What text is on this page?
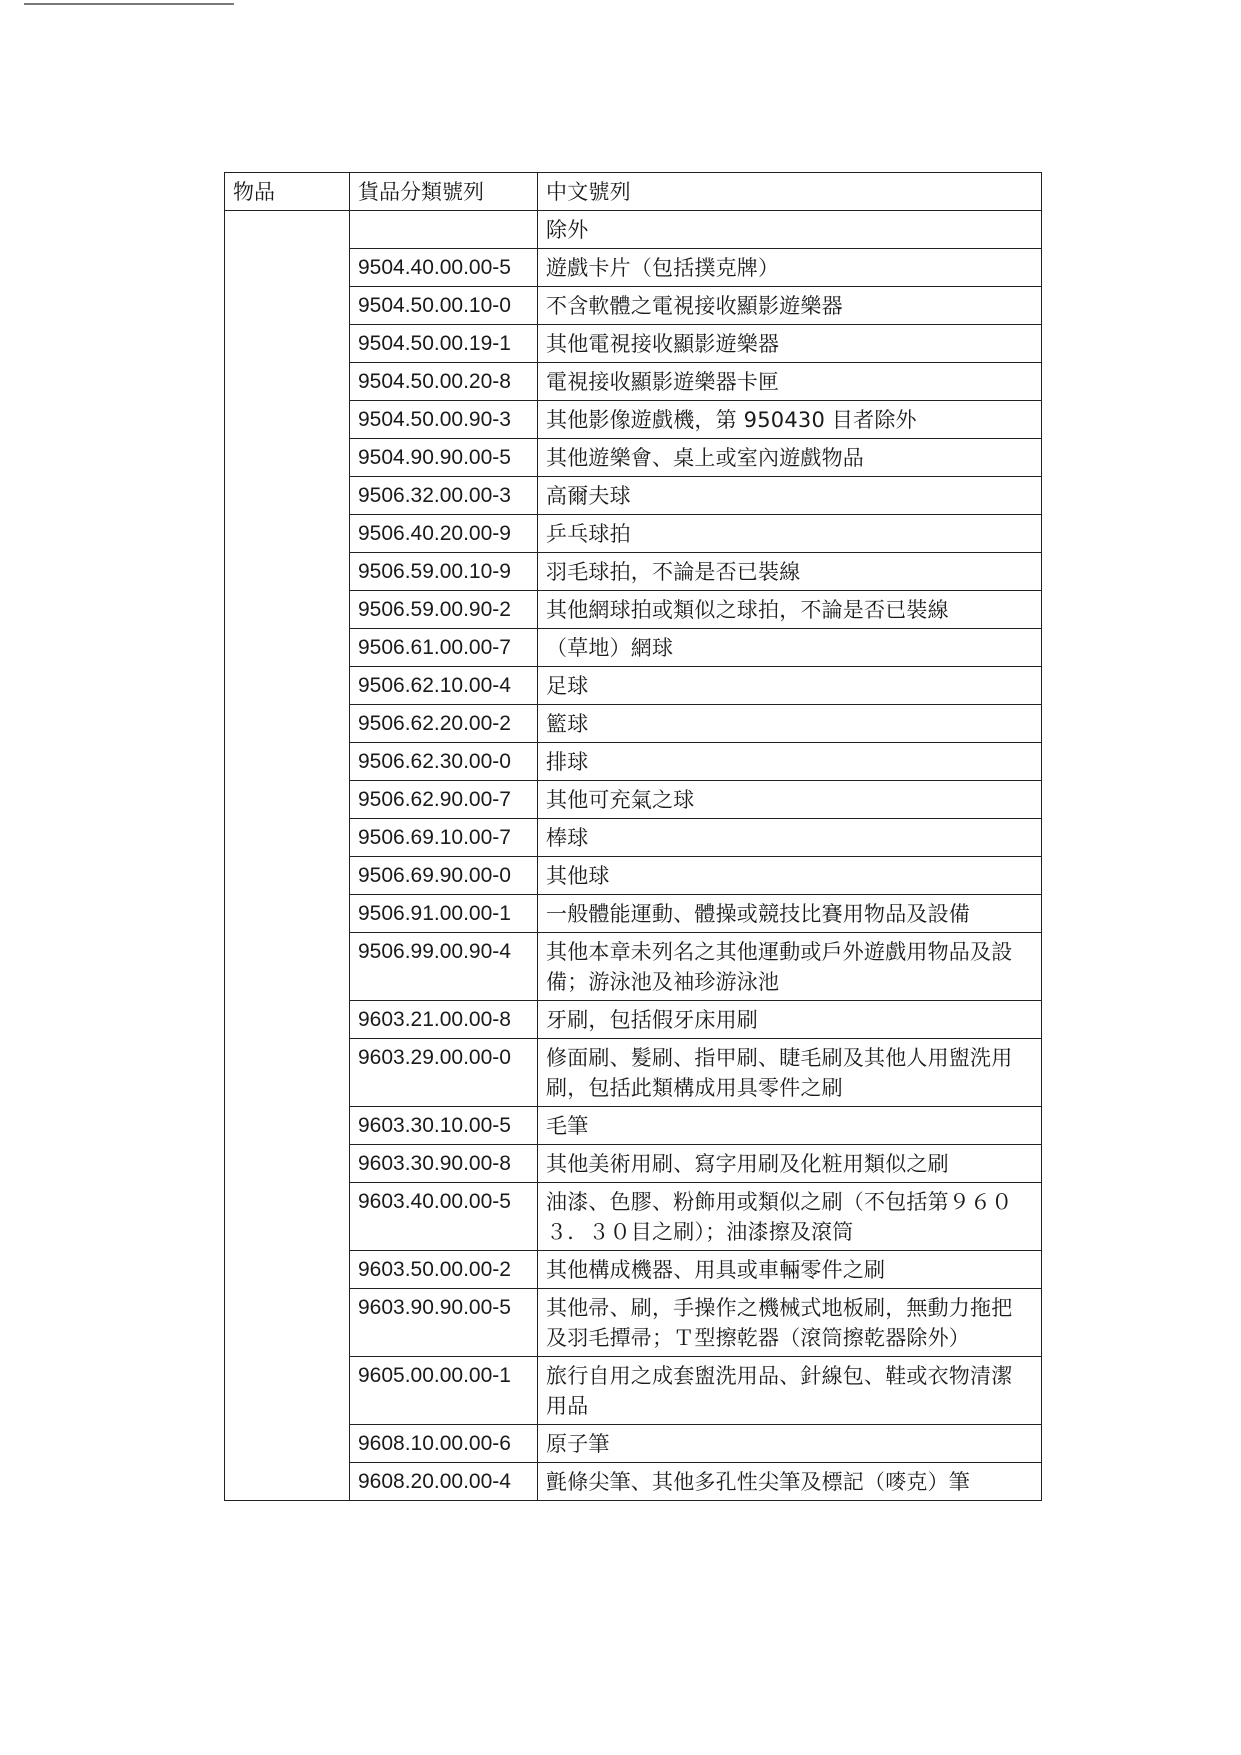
物品	貨品分類號列	中文號列
		除外
	9504.40.00.00-5	遊戲卡片（包括撲克牌）
	9504.50.00.10-0	不含軟體之電視接收顯影遊樂器
	9504.50.00.19-1	其他電視接收顯影遊樂器
	9504.50.00.20-8	電視接收顯影遊樂器卡匣
	9504.50.00.90-3	其他影像遊戲機，第 950430 目者除外
	9504.90.90.00-5	其他遊樂會、桌上或室內遊戲物品
	9506.32.00.00-3	高爾夫球
	9506.40.20.00-9	乒乓球拍
	9506.59.00.10-9	羽毛球拍，不論是否已裝線
	9506.59.00.90-2	其他網球拍或類似之球拍，不論是否已裝線
	9506.61.00.00-7	（草地）網球
	9506.62.10.00-4	足球
	9506.62.20.00-2	籃球
	9506.62.30.00-0	排球
	9506.62.90.00-7	其他可充氣之球
	9506.69.10.00-7	棒球
	9506.69.90.00-0	其他球
	9506.91.00.00-1	一般體能運動、體操或競技比賽用物品及設備
	9506.99.00.90-4	其他本章未列名之其他運動或戶外遊戲用物品及設備；游泳池及袖珍游泳池
	9603.21.00.00-8	牙刷，包括假牙床用刷
	9603.29.00.00-0	修面刷、髮刷、指甲刷、睫毛刷及其他人用盥洗用刷，包括此類構成用具零件之刷
	9603.30.10.00-5	毛筆
	9603.30.90.00-8	其他美術用刷、寫字用刷及化粧用類似之刷
	9603.40.00.00-5	油漆、色膠、粉飾用或類似之刷（不包括第９６０３．３０目之刷）；油漆擦及滾筒
	9603.50.00.00-2	其他構成機器、用具或車輛零件之刷
	9603.90.90.00-5	其他帚、刷，手操作之機械式地板刷，無動力拖把及羽毛撢帚；Ｔ型擦乾器（滾筒擦乾器除外）
	9605.00.00.00-1	旅行自用之成套盥洗用品、針線包、鞋或衣物清潔用品
	9608.10.00.00-6	原子筆
	9608.20.00.00-4	氈條尖筆、其他多孔性尖筆及標記（嘜克）筆
